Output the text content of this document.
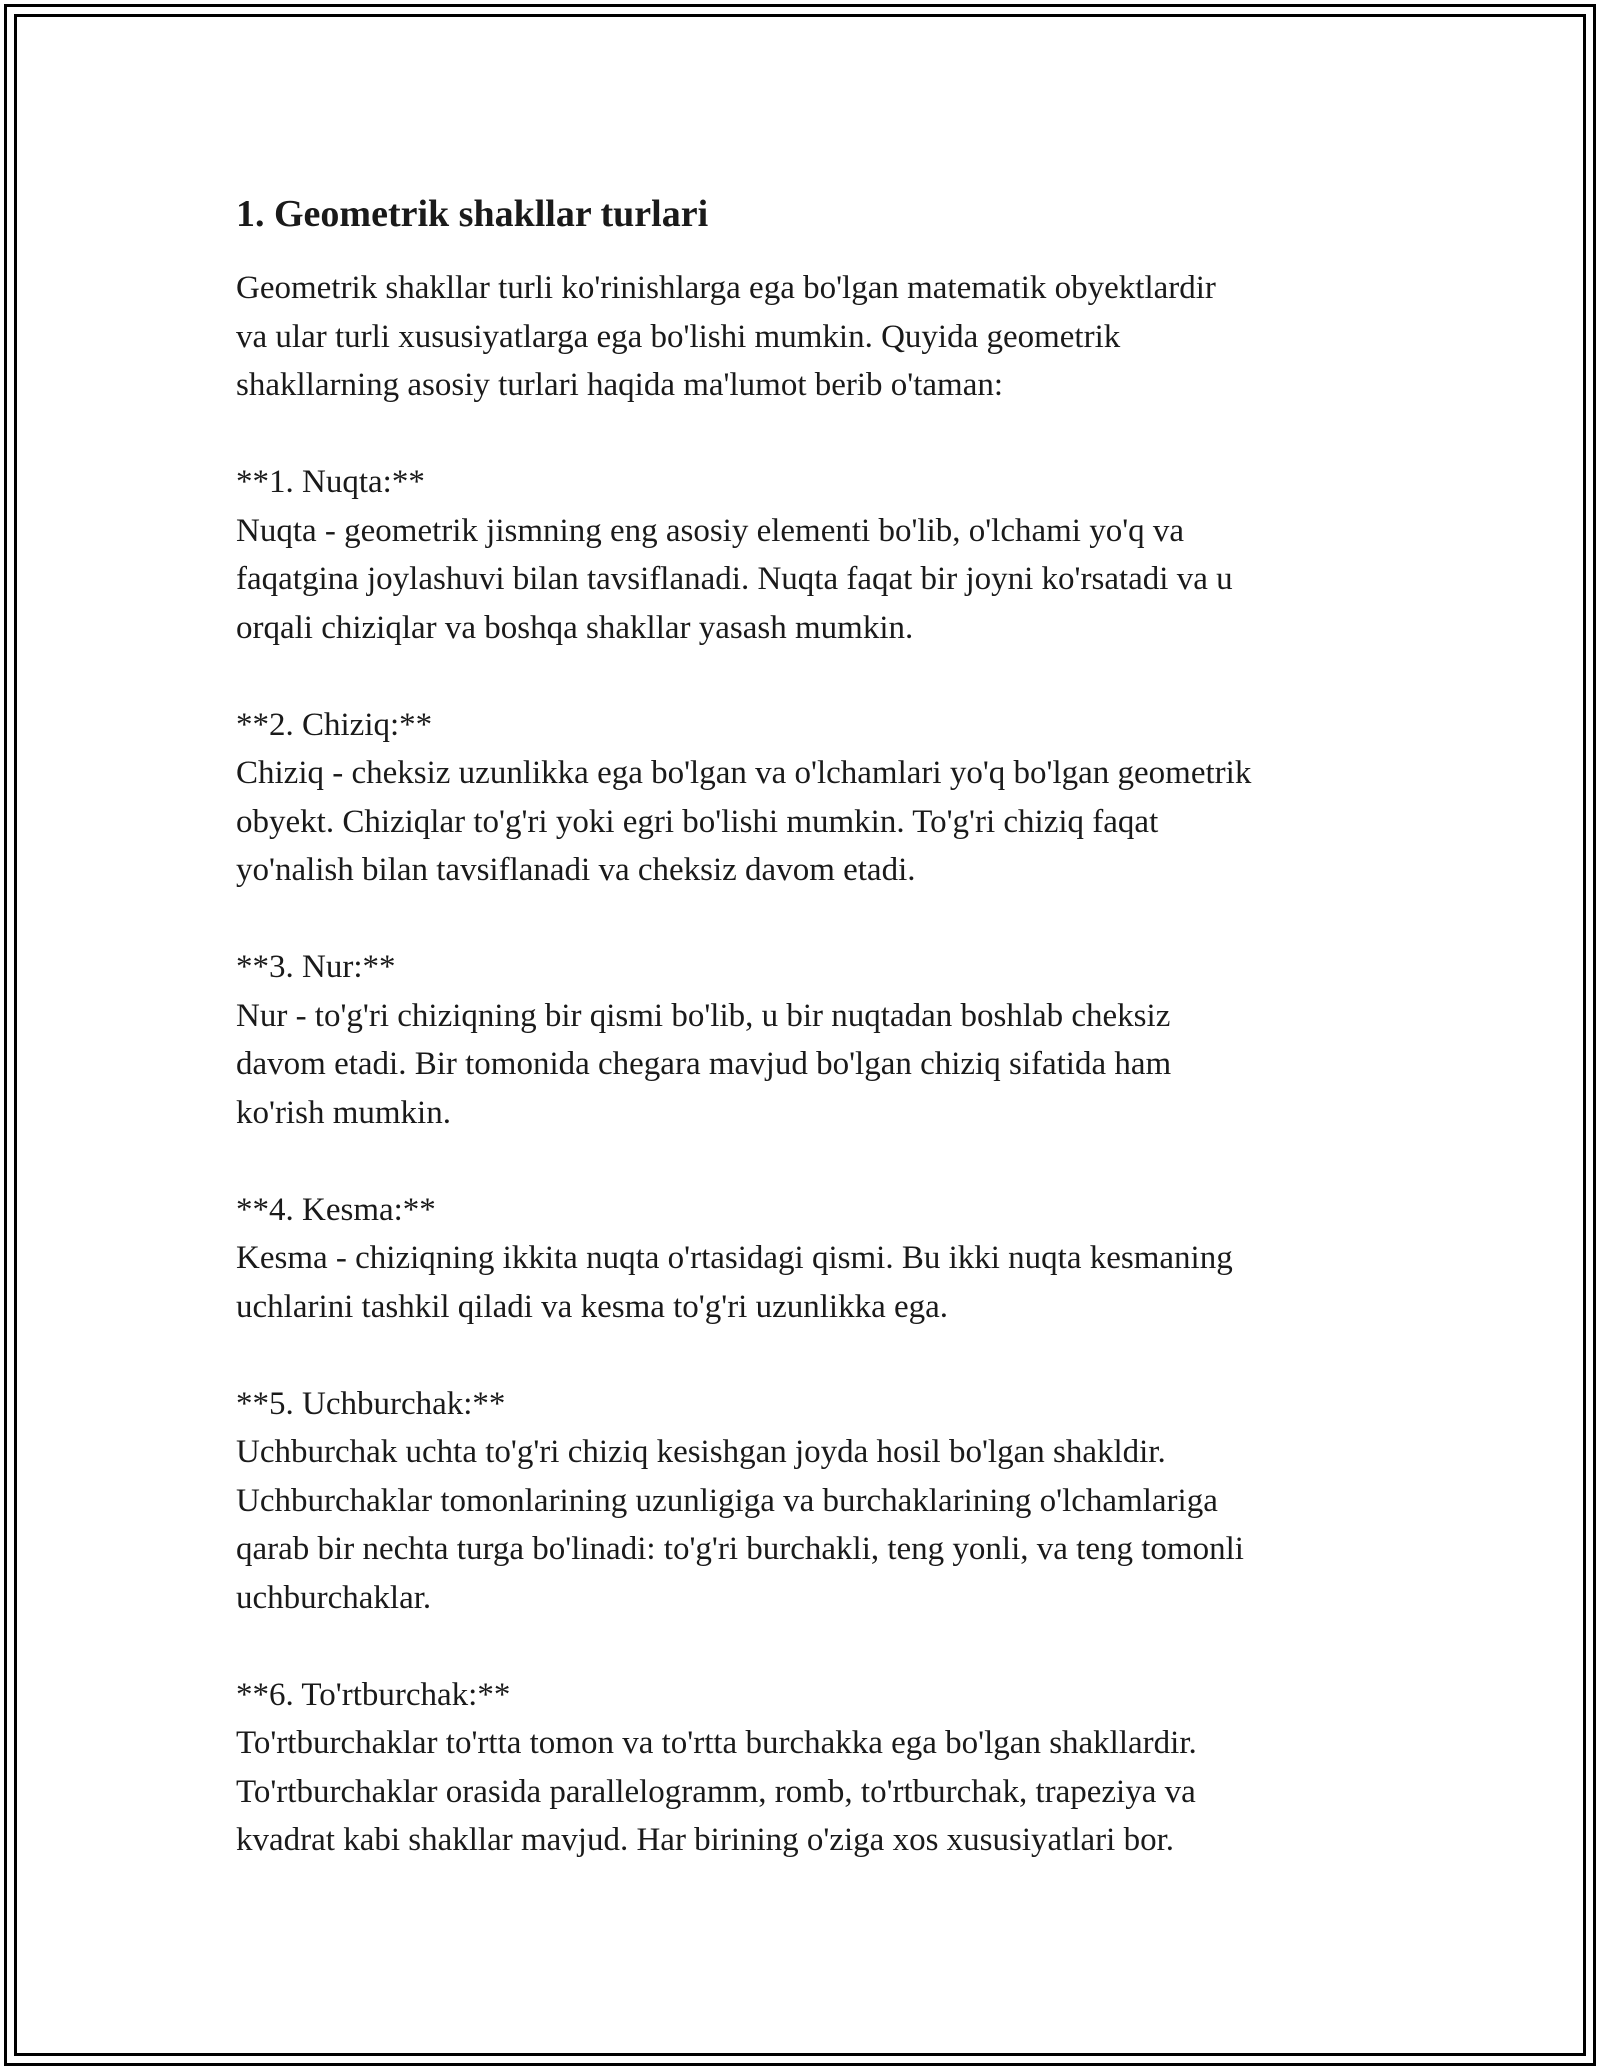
1. Geometrik shakllar turlari

Geometrik shakllar turli ko'rinishlarga ega bo'lgan matematik obyektlardir
va ular turli xususiyatlarga ega bo'lishi mumkin. Quyida geometrik
shakllarning asosiy turlari haqida ma'lumot berib o'taman:

**1. Nuqta:**

Nuqta - geometrik jismning eng asosiy elementi bo'lib, o'lchami yo'q va
faqatgina joylashuvi bilan tavsiflanadi. Nuqta faqat bir joyni ko'rsatadi va u
orqali chiziqlar va boshqa shakllar yasash mumkin.

**2. Chiziq:**

Chiziq - cheksiz uzunlikka ega bo'lgan va o'lchamlari yo'q bo'lgan geometrik
obyekt. Chiziqlar to'g'ri yoki egri bo'lishi mumkin. To'g'ri chiziq faqat
yo'nalish bilan tavsiflanadi va cheksiz davom etadi.

**3. Nur:**

Nur - to'g'ri chiziqning bir qismi bo'lib, u bir nuqtadan boshlab cheksiz
davom etadi. Bir tomonida chegara mavjud bo'lgan chiziq sifatida ham
ko'rish mumkin.

**4. Kesma:**

Kesma - chiziqning ikkita nuqta o'rtasidagi qismi. Bu ikki nuqta kesmaning
uchlarini tashkil qiladi va kesma to'g'ri uzunlikka ega.

**5. Uchburchak:**

Uchburchak uchta to'g'ri chiziq kesishgan joyda hosil bo'lgan shakldir.
Uchburchaklar tomonlarining uzunligiga va burchaklarining o'lchamlariga
qarab bir nechta turga bo'linadi: to'g'ri burchakli, teng yonli, va teng tomonli
uchburchaklar.

**6. To'rtburchak:**

To'rtburchaklar to'rtta tomon va to'rtta burchakka ega bo'lgan shakllardir.
To'rtburchaklar orasida parallelogramm, romb, to'rtburchak, trapeziya va
kvadrat kabi shakllar mavjud. Har birining o'ziga xos xususiyatlari bor.
